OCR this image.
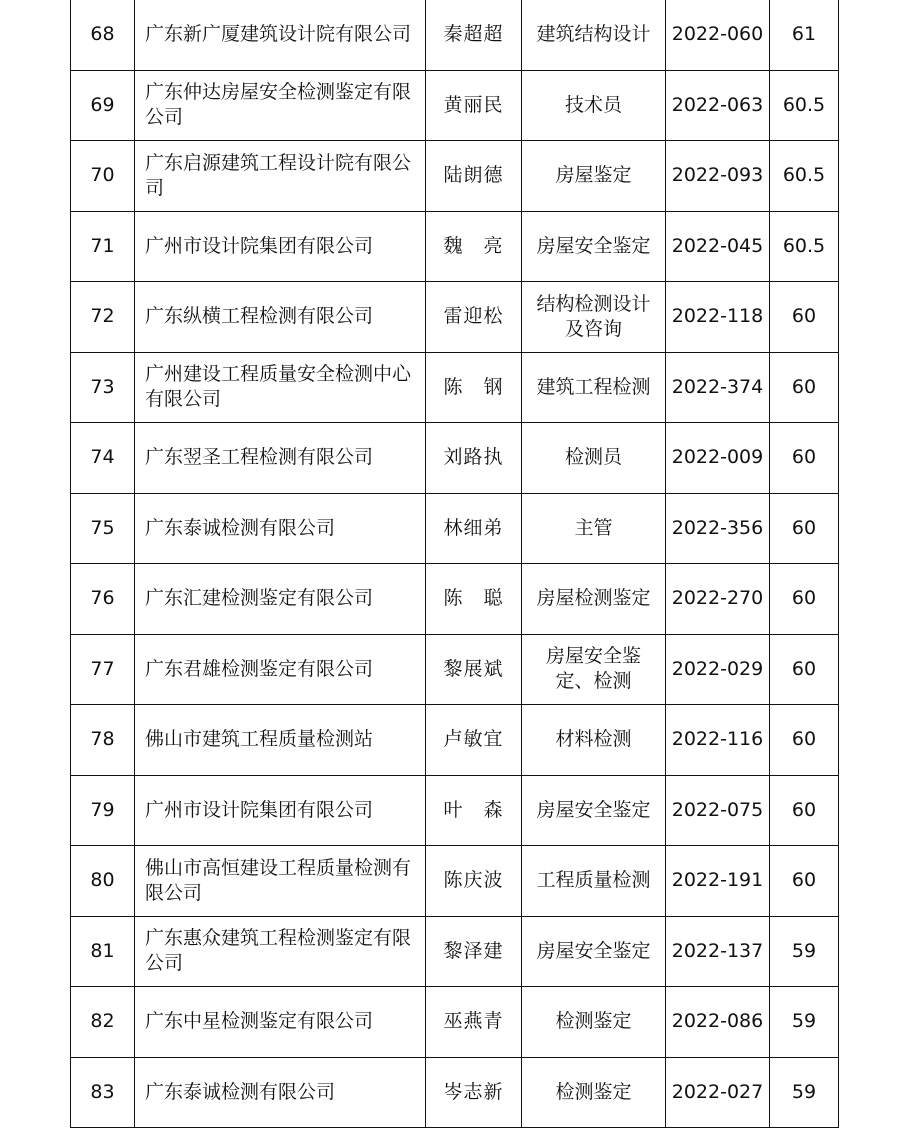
68	广东新广厦建筑设计院有限公司	秦超超	建筑结构设计	2022-060	61
69	广东仲达房屋安全检测鉴定有限公司	黄丽民	技术员	2022-063	60.5
70	广东启源建筑工程设计院有限公司	陆朗德	房屋鉴定	2022-093	60.5
71	广州市设计院集团有限公司	魏　亮	房屋安全鉴定	2022-045	60.5
72	广东纵横工程检测有限公司	雷迎松	结构检测设计及咨询	2022-118	60
73	广州建设工程质量安全检测中心有限公司	陈　钢	建筑工程检测	2022-374	60
74	广东翌圣工程检测有限公司	刘路执	检测员	2022-009	60
75	广东泰诚检测有限公司	林细弟	主管	2022-356	60
76	广东汇建检测鉴定有限公司	陈　聪	房屋检测鉴定	2022-270	60
77	广东君雄检测鉴定有限公司	黎展斌	房屋安全鉴定、检测	2022-029	60
78	佛山市建筑工程质量检测站	卢敏宜	材料检测	2022-116	60
79	广州市设计院集团有限公司	叶　森	房屋安全鉴定	2022-075	60
80	佛山市高恒建设工程质量检测有限公司	陈庆波	工程质量检测	2022-191	60
81	广东惠众建筑工程检测鉴定有限公司	黎泽建	房屋安全鉴定	2022-137	59
82	广东中星检测鉴定有限公司	巫燕青	检测鉴定	2022-086	59
83	广东泰诚检测有限公司	岑志新	检测鉴定	2022-027	59
